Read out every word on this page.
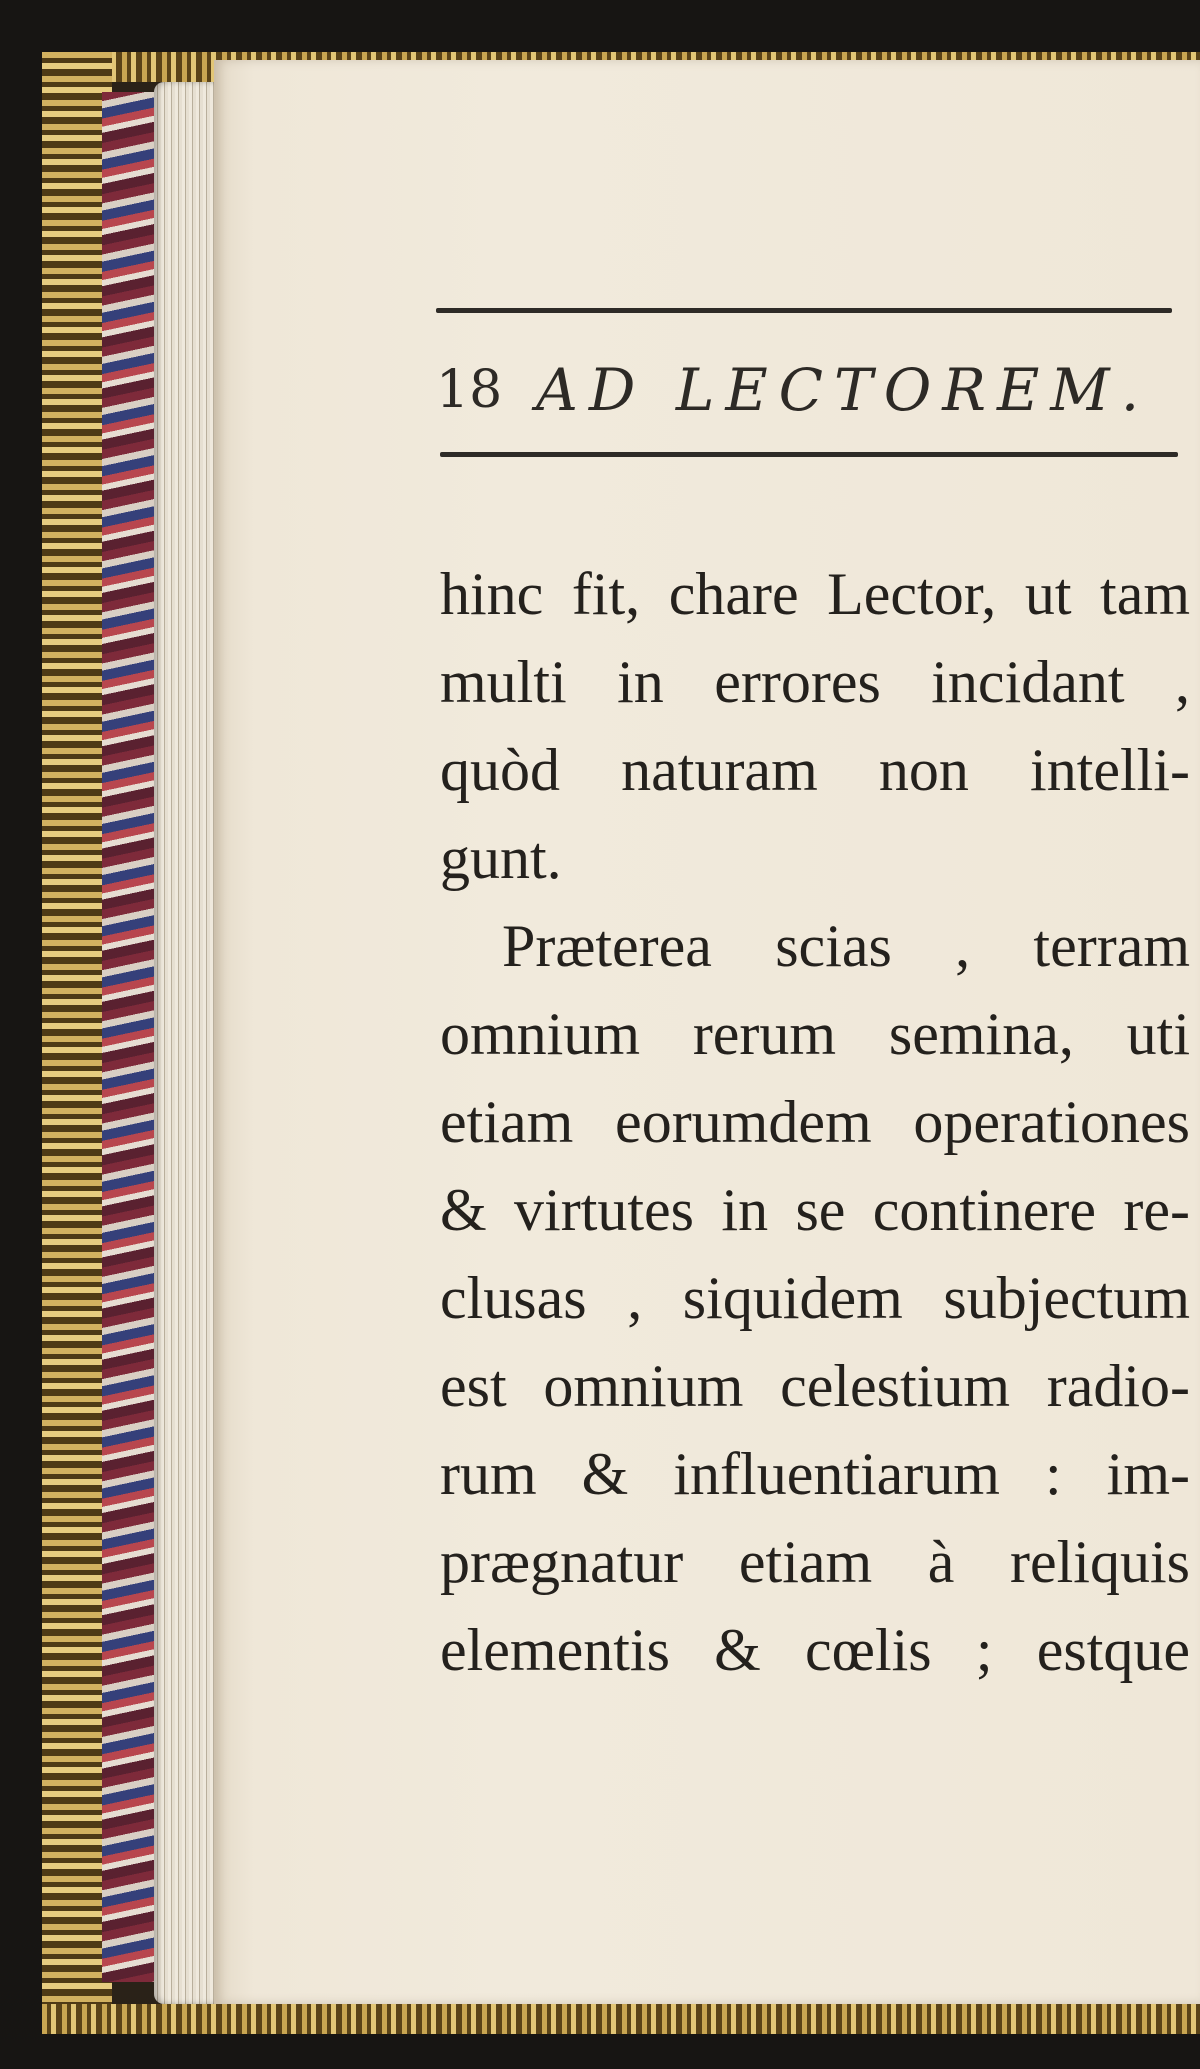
18 AD LECTOREM.
hinc fit, chare Lector, ut tam
multi in errores incidant ,
quòd naturam non intelli-
gunt.
Præterea scias , terram
omnium rerum semina, uti
etiam eorumdem operationes
& virtutes in se continere re-
clusas , siquidem subjectum
est omnium celestium radio-
rum & influentiarum : im-
prægnatur etiam à reliquis
elementis & cœlis ; estque
